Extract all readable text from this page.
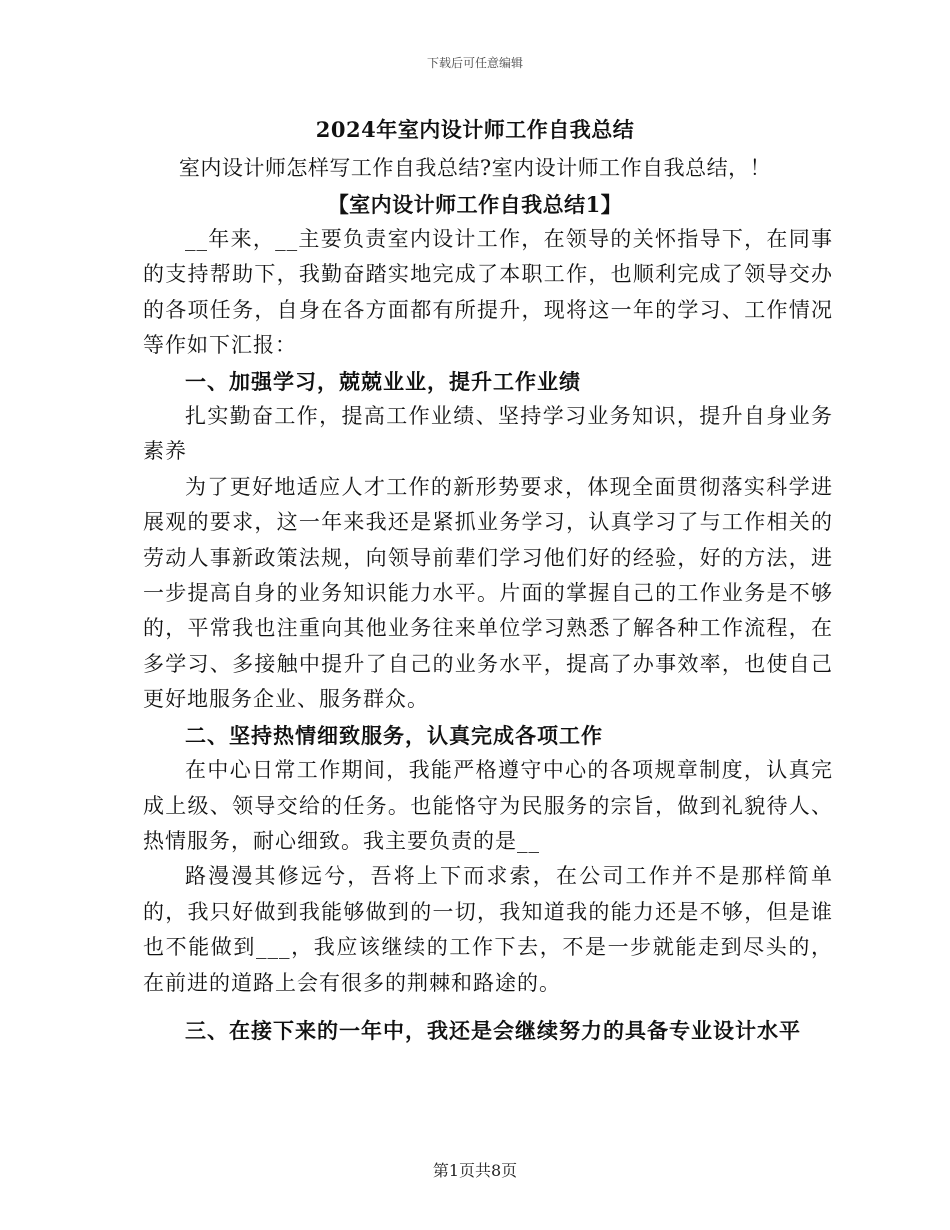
下载后可任意编辑
2024年室内设计师工作自我总结
室内设计师怎样写工作自我总结?室内设计师工作自我总结，！
【室内设计师工作自我总结1】

__年来，__主要负责室内设计工作，在领导的关怀指导下，在同事的支持帮助下，我勤奋踏实地完成了本职工作，也顺利完成了领导交办的各项任务，自身在各方面都有所提升，现将这一年的学习、工作情况等作如下汇报：

一、加强学习，兢兢业业，提升工作业绩

扎实勤奋工作，提高工作业绩、坚持学习业务知识，提升自身业务素养

为了更好地适应人才工作的新形势要求，体现全面贯彻落实科学进展观的要求，这一年来我还是紧抓业务学习，认真学习了与工作相关的劳动人事新政策法规，向领导前辈们学习他们好的经验，好的方法，进一步提高自身的业务知识能力水平。片面的掌握自己的工作业务是不够的，平常我也注重向其他业务往来单位学习熟悉了解各种工作流程，在多学习、多接触中提升了自己的业务水平，提高了办事效率，也使自己更好地服务企业、服务群众。

二、坚持热情细致服务，认真完成各项工作

在中心日常工作期间，我能严格遵守中心的各项规章制度，认真完成上级、领导交给的任务。也能恪守为民服务的宗旨，做到礼貌待人、热情服务，耐心细致。我主要负责的是__

路漫漫其修远兮，吾将上下而求索，在公司工作并不是那样简单的，我只好做到我能够做到的一切，我知道我的能力还是不够，但是谁也不能做到___，我应该继续的工作下去，不是一步就能走到尽头的，在前进的道路上会有很多的荆棘和路途的。

三、在接下来的一年中，我还是会继续努力的具备专业设计水平

第1页共8页
